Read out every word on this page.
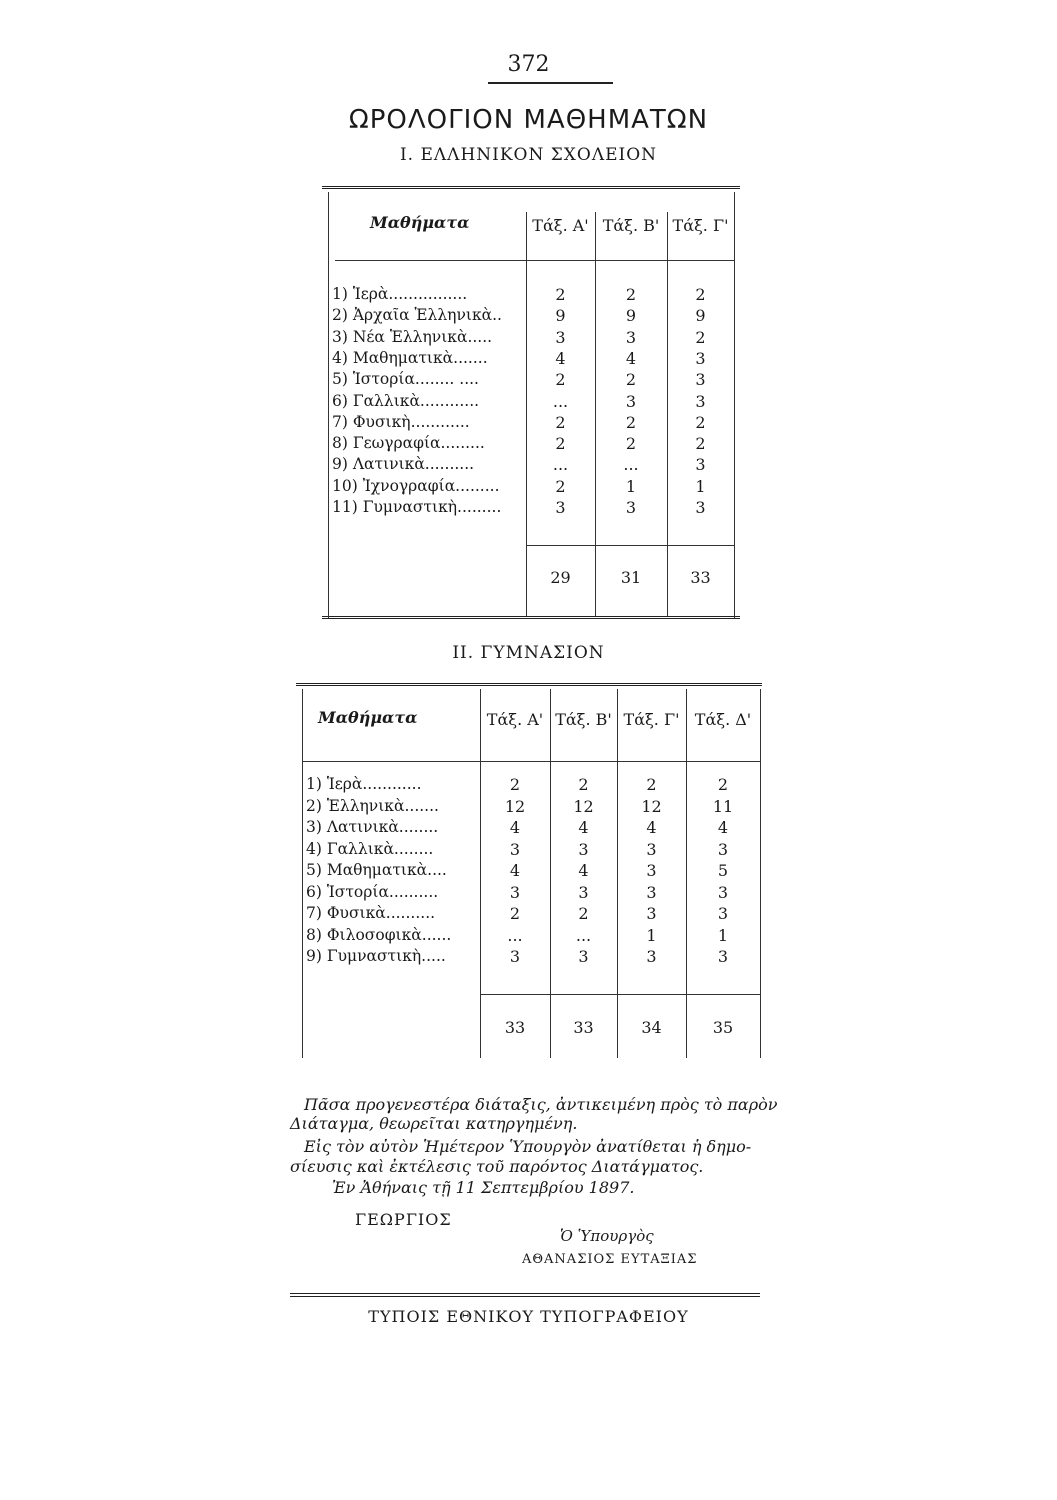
372
ΩΡΟΛΟΓΙΟΝ ΜΑΘΗΜΑΤΩΝ
I. ΕΛΛΗΝΙΚΟΝ ΣΧΟΛΕΙΟΝ
Μαθήματα	Τάξ. Α' Τάξ. Β' Τάξ. Γ'
1) Ἱερὰ................	2	2	2
2) Ἀρχαῖα Ἑλληνικὰ..	9	9	9
3) Νέα Ἑλληνικὰ.....	3	3	2
4) Μαθηματικὰ.......	4	4	3
5) Ἱστορία........ ....	2	2	3
6) Γαλλικὰ............	...	3	3
7) Φυσικὴ............	2	2	2
8) Γεωγραφία.........	2	2	2
9) Λατινικὰ..........	...	...	3
10) Ἰχνογραφία.........	2	1	1
11) Γυμναστικὴ.........	3	3	3
29	31	33
II. ΓΥΜΝΑΣΙΟΝ
Μαθήματα	Τάξ. Α' Τάξ. Β' Τάξ. Γ' Τάξ. Δ'
1) Ἱερὰ............	2	2	2	2
2) Ἑλληνικὰ.......	12	12	12	11
3) Λατινικὰ........	4	4	4	4
4) Γαλλικὰ........	3	3	3	3
5) Μαθηματικὰ....	4	4	3	5
6) Ἱστορία..........	3	3	3	3
7) Φυσικὰ..........	2	2	3	3
8) Φιλοσοφικὰ......	...	...	1	1
9) Γυμναστικὴ.....	3	3	3	3
33	33	34	35
Πᾶσα προγενεστέρα διάταξις, ἀντικειμένη πρὸς τὸ παρὸν
Διάταγμα, θεωρεῖται κατηργημένη.
Εἰς τὸν αὐτὸν Ἡμέτερον Ὑπουργὸν ἀνατίθεται ἡ δημο-
σίευσις καὶ ἐκτέλεσις τοῦ παρόντος Διατάγματος.
Ἐν Ἀθήναις τῇ 11 Σεπτεμβρίου 1897.
ΓΕΩΡΓΙΟΣ
Ὁ Ὑπουργὸς
ΑΘΑΝΑΣΙΟΣ ΕΥΤΑΞΙΑΣ
ΤΥΠΟΙΣ ΕΘΝΙΚΟΥ ΤΥΠΟΓΡΑΦΕΙΟΥ
